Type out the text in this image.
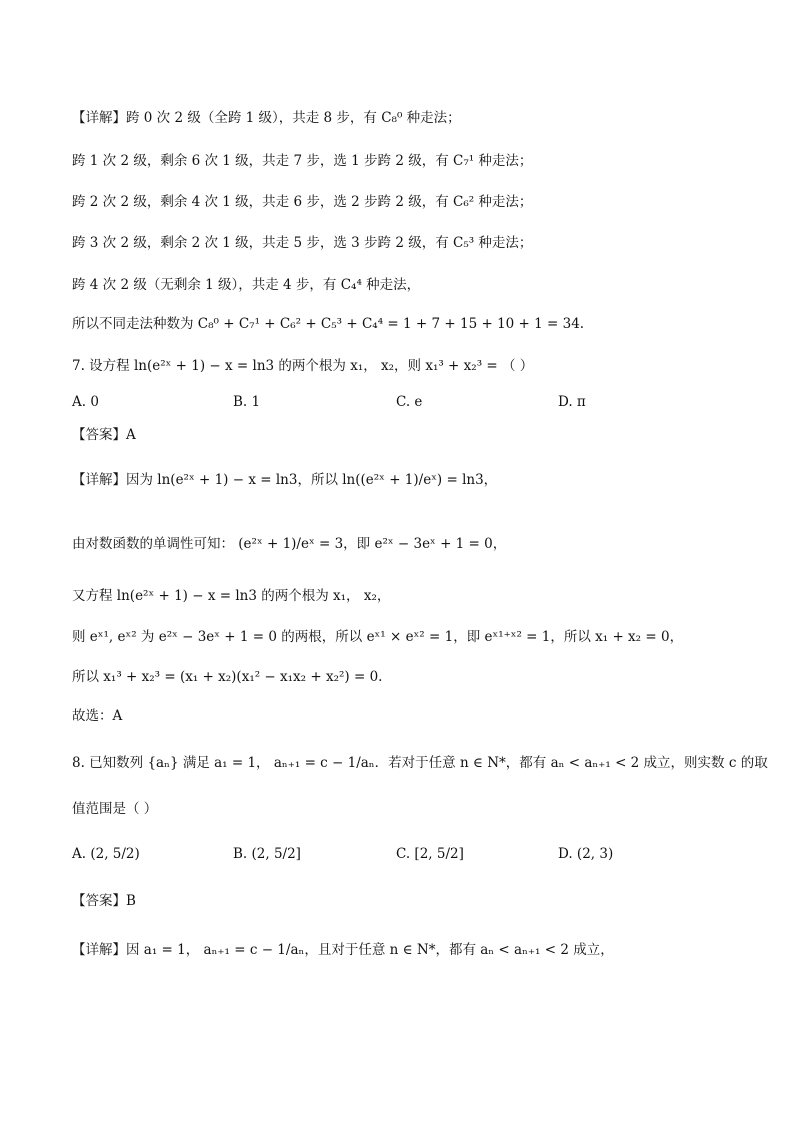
【详解】跨 0 次 2 级（全跨 1 级），共走 8 步，有 C₈⁰ 种走法；
跨 1 次 2 级，剩余 6 次 1 级，共走 7 步，选 1 步跨 2 级，有 C₇¹ 种走法；
跨 2 次 2 级，剩余 4 次 1 级，共走 6 步，选 2 步跨 2 级，有 C₆² 种走法；
跨 3 次 2 级，剩余 2 次 1 级，共走 5 步，选 3 步跨 2 级，有 C₅³ 种走法；
跨 4 次 2 级（无剩余 1 级），共走 4 步，有 C₄⁴ 种走法，
所以不同走法种数为 C₈⁰ + C₇¹ + C₆² + C₅³ + C₄⁴ = 1 + 7 + 15 + 10 + 1 = 34.
7. 设方程 ln(e²ˣ + 1) − x = ln3 的两个根为 x₁， x₂，则 x₁³ + x₂³ = （ ）
A. 0	B. 1	C. e	D. π
【答案】A
【详解】因为 ln(e²ˣ + 1) − x = ln3，所以 ln((e²ˣ + 1)/eˣ) = ln3，
由对数函数的单调性可知： (e²ˣ + 1)/eˣ = 3，即 e²ˣ − 3eˣ + 1 = 0，
又方程 ln(e²ˣ + 1) − x = ln3 的两个根为 x₁， x₂，
则 eˣ¹, eˣ² 为 e²ˣ − 3eˣ + 1 = 0 的两根，所以 eˣ¹ × eˣ² = 1，即 eˣ¹⁺ˣ² = 1，所以 x₁ + x₂ = 0，
所以 x₁³ + x₂³ = (x₁ + x₂)(x₁² − x₁x₂ + x₂²) = 0.
故选：A
8. 已知数列 {aₙ} 满足 a₁ = 1， aₙ₊₁ = c − 1/aₙ．若对于任意 n ∈ N*，都有 aₙ < aₙ₊₁ < 2 成立，则实数 c 的取
值范围是（ ）
A. (2, 5/2)	B. (2, 5/2]	C. [2, 5/2]	D. (2, 3)
【答案】B
【详解】因 a₁ = 1， aₙ₊₁ = c − 1/aₙ，且对于任意 n ∈ N*，都有 aₙ < aₙ₊₁ < 2 成立，
